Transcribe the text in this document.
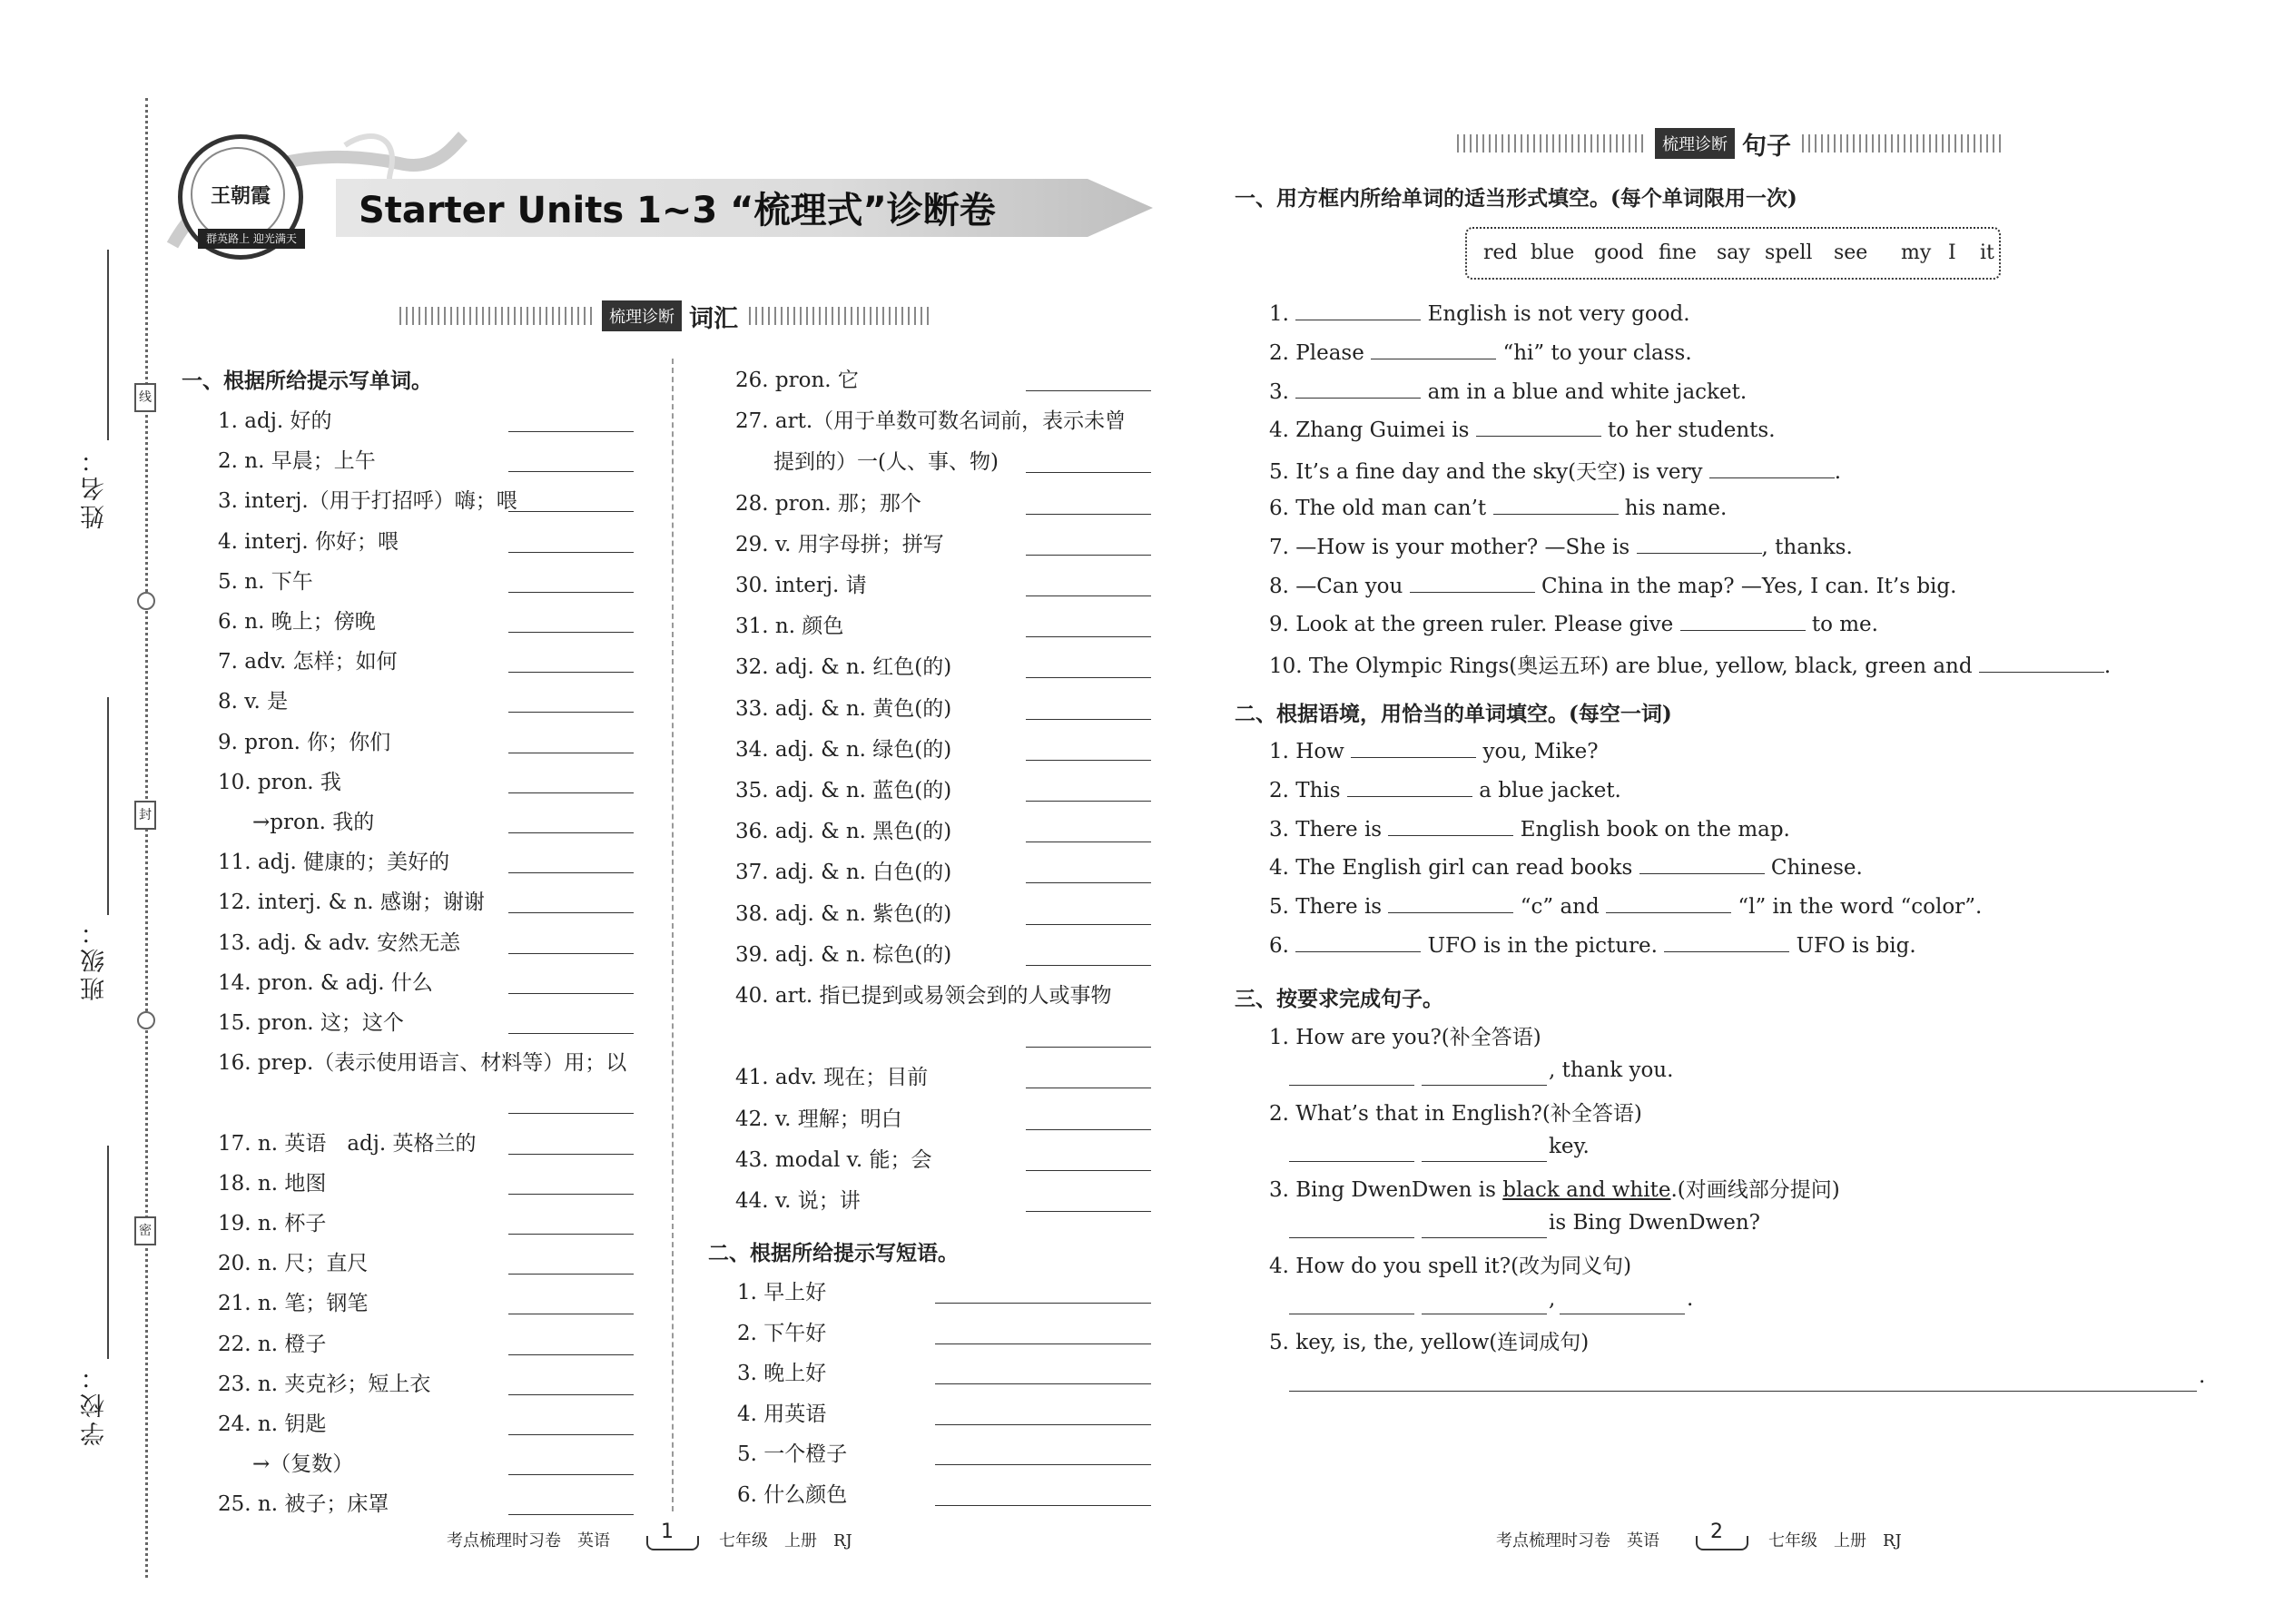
姓名：
班级：
学校：
线
封
密
王朝霞
群英路上 迎光满天
Starter Units 1~3 “梳理式”诊断卷
梳理诊断 词汇
一、根据所给提示写单词。
二、根据所给提示写短语。
梳理诊断 句子
一、用方框内所给单词的适当形式填空。(每个单词限用一次)
red blue good fine say spell see my I it
二、根据语境，用恰当的单词填空。(每空一词)
三、按要求完成句子。
1. How are you?(补全答语)
, thank you.
2. What’s that in English?(补全答语)
key.
3. Bing DwenDwen is black and white.(对画线部分提问)
is Bing DwenDwen?
4. How do you spell it?(改为同义句)
,	.
5. key, is, the, yellow(连词成句)
.
考点梳理时习卷　英语	1	七年级　上册　RJ	考点梳理时习卷　英语	2	七年级　上册　RJ
1. adj. 好的
2. n. 早晨；上午
3. interj.（用于打招呼）嗨；喂
4. interj. 你好；喂
5. n. 下午
6. n. 晚上；傍晚
7. adv. 怎样；如何
8. v. 是
9. pron. 你；你们
10. pron. 我
→pron. 我的
11. adj. 健康的；美好的
12. interj. & n. 感谢；谢谢
13. adj. & adv. 安然无恙
14. pron. & adj. 什么
15. pron. 这；这个
16. prep.（表示使用语言、材料等）用；以
17. n. 英语　adj. 英格兰的
18. n. 地图
19. n. 杯子
20. n. 尺；直尺
21. n. 笔；钢笔
22. n. 橙子
23. n. 夹克衫；短上衣
24. n. 钥匙
→（复数）
25. n. 被子；床罩
26. pron. 它
27. art.（用于单数可数名词前，表示未曾
提到的）一(人、事、物)
28. pron. 那；那个
29. v. 用字母拼；拼写
30. interj. 请
31. n. 颜色
32. adj. & n. 红色(的)
33. adj. & n. 黄色(的)
34. adj. & n. 绿色(的)
35. adj. & n. 蓝色(的)
36. adj. & n. 黑色(的)
37. adj. & n. 白色(的)
38. adj. & n. 紫色(的)
39. adj. & n. 棕色(的)
40. art. 指已提到或易领会到的人或事物
41. adv. 现在；目前
42. v. 理解；明白
43. modal v. 能；会
44. v. 说；讲
1. 早上好
2. 下午好
3. 晚上好
4. 用英语
5. 一个橙子
6. 什么颜色
1.	English is not very good.
2. Please	“hi” to your class.
3.	am in a blue and white jacket.
4. Zhang Guimei is	to her students.
5. It’s a fine day and the sky(天空) is very	.
6. The old man can’t	his name.
7. —How is your mother? —She is	, thanks.
8. —Can you	China in the map? —Yes, I can. It’s big.
9. Look at the green ruler. Please give	to me.
10. The Olympic Rings(奥运五环) are blue, yellow, black, green and	.
1. How	you, Mike?
2. This	a blue jacket.
3. There is	English book on the map.
4. The English girl can read books	Chinese.
5. There is	“c” and	“l” in the word “color”.
6.	UFO is in the picture.	UFO is big.
